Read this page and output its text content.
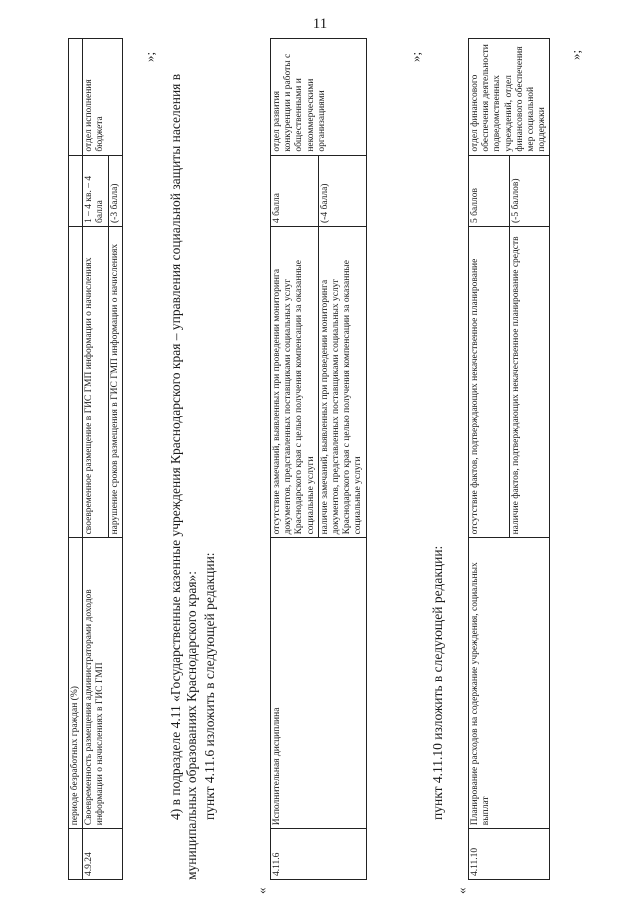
11
	периоде безработных граждан (%)			
4.9.24	Своевременность размещения администраторами доходов информации о начислениях в ГИС ГМП	своевременное размещение в ГИС ГМП информации о начислениях	1 – 4 кв. – 4 балла	отдел исполнения бюджета
		нарушение сроков размещения в ГИС ГМП информации о начислениях	(-3 балла)	
»;
4) в подразделе 4.11 «Государственные казенные учреждения Краснодарского края – управления социальной защиты населения в муниципальных образованиях Краснодарского края»: пункт 4.11.6 изложить в следующей редакции:
«
4.11.6	Исполнительная дисциплина	отсутствие замечаний, выявленных при проведении мониторинга документов, представленных поставщиками социальных услуг Краснодарского края с целью получения компенсации за оказанные социальные услуги	4 балла	отдел развития конкуренции и работы с общественными и некоммерческими организациями
		наличие замечаний, выявленных при проведении мониторинга документов, представленных поставщиками социальных услуг Краснодарского края с целью получения компенсации за оказанные социальные услуги	(-4 балла)	
»;
пункт 4.11.10 изложить в следующей редакции:
«
4.11.10	Планирование расходов на содержание учреждения, социальных выплат	отсутствие фактов, подтверждающих некачественное планирование	5 баллов	отдел финансового обеспечения деятельности подведомственных учреждений, отдел финансового обеспечения мер социальной поддержки
		наличие фактов, подтверждающих некачественное планирование средств	(-5 баллов)	
»;
